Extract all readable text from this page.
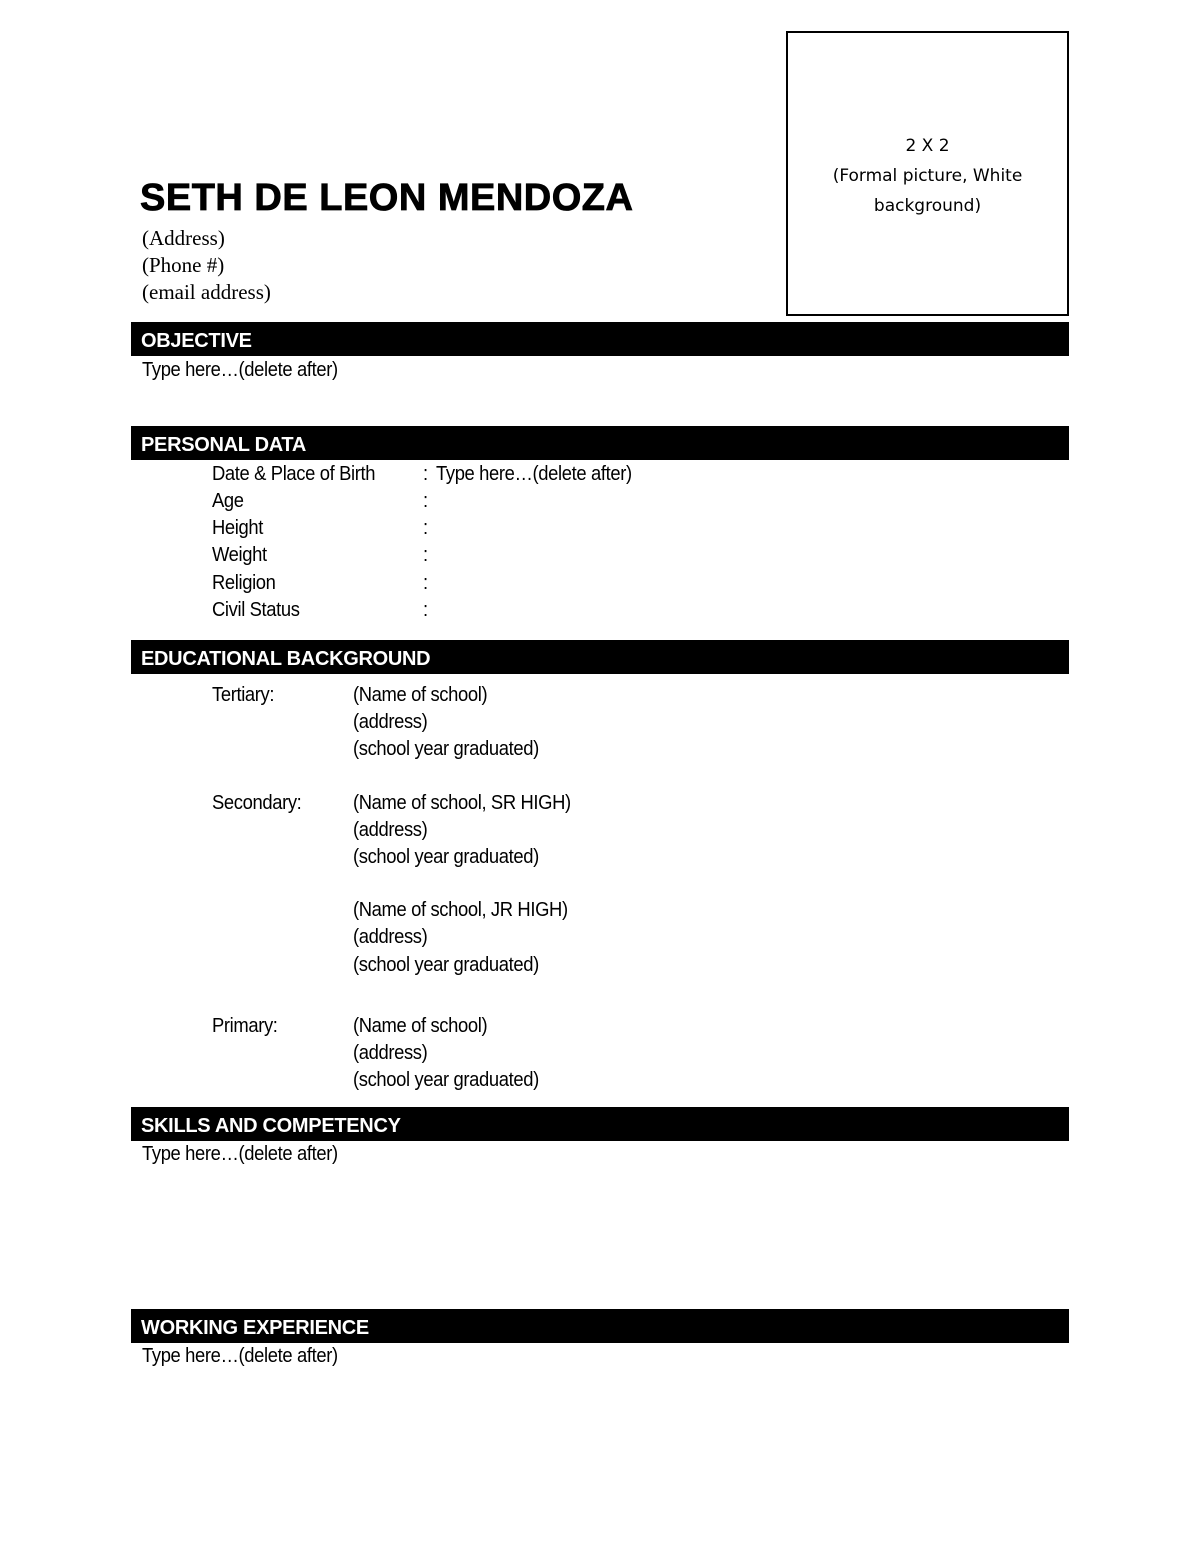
SETH DE LEON MENDOZA
(Address)
(Phone #)
(email address)
2 X 2
(Formal picture, White
background)
OBJECTIVE
Type here…(delete after)
PERSONAL DATA
Date & Place of Birth : Type here…(delete after)
Age	:
Height	:
Weight	:
Religion	:
Civil Status	:
EDUCATIONAL BACKGROUND
Tertiary:	(Name of school)
(address)
(school year graduated)
Secondary:	(Name of school, SR HIGH)
(address)
(school year graduated)
(Name of school, JR HIGH)
(address)
(school year graduated)
Primary:	(Name of school)
(address)
(school year graduated)
SKILLS AND COMPETENCY
Type here…(delete after)
WORKING EXPERIENCE
Type here…(delete after)
